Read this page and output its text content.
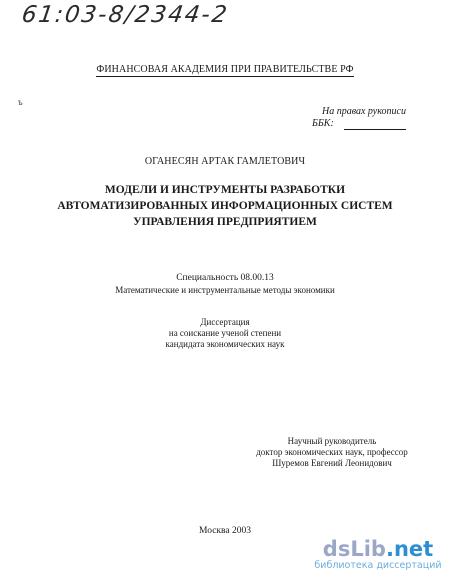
61:03-8/2344-2
ФИНАНСОВАЯ АКАДЕМИЯ ПРИ ПРАВИТЕЛЬСТВЕ РФ
ъ
На правах рукописи
ББК:
ОГАНЕСЯН АРТАК ГАМЛЕТОВИЧ
МОДЕЛИ И ИНСТРУМЕНТЫ РАЗРАБОТКИ
АВТОМАТИЗИРОВАННЫХ ИНФОРМАЦИОННЫХ СИСТЕМ
УПРАВЛЕНИЯ ПРЕДПРИЯТИЕМ
Специальность 08.00.13
Математические и инструментальные методы экономики
Диссертация
на соискание ученой степени
кандидата экономических наук
Научный руководитель
доктор экономических наук, профессор
Шуремов Евгений Леонидович
Москва 2003
dsLib.net
библиотека диссертаций
